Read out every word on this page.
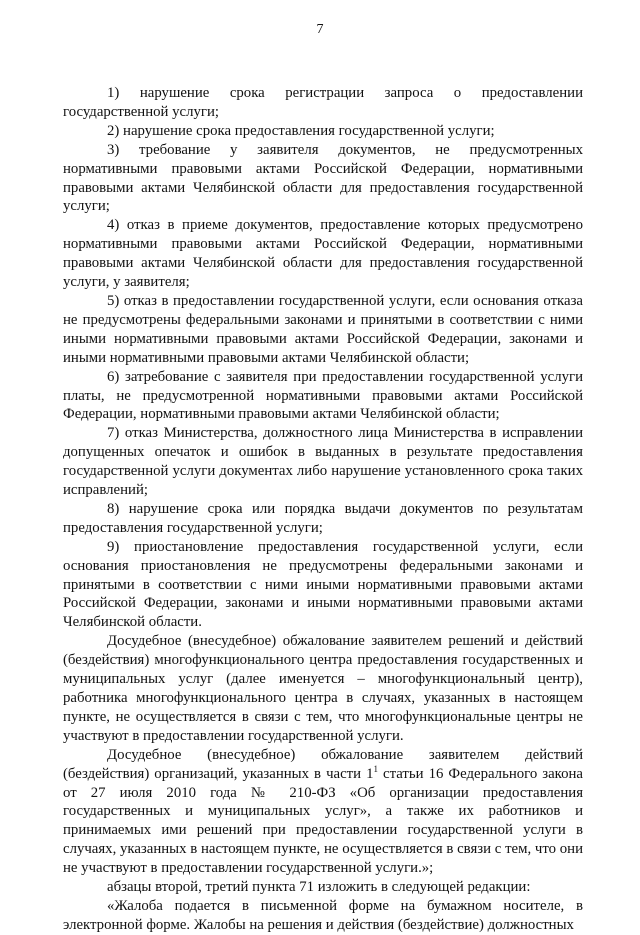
7

1) нарушение срока регистрации запроса о предоставлении государственной услуги;

2) нарушение срока предоставления государственной услуги;

3) требование у заявителя документов, не предусмотренных нормативными правовыми актами Российской Федерации, нормативными правовыми актами Челябинской области для предоставления государственной услуги;

4) отказ в приеме документов, предоставление которых предусмотрено нормативными правовыми актами Российской Федерации, нормативными правовыми актами Челябинской области для предоставления государственной услуги, у заявителя;

5) отказ в предоставлении государственной услуги, если основания отказа не предусмотрены федеральными законами и принятыми в соответствии с ними иными нормативными правовыми актами Российской Федерации, законами и иными нормативными правовыми актами Челябинской области;

6) затребование с заявителя при предоставлении государственной услуги платы, не предусмотренной нормативными правовыми актами Российской Федерации, нормативными правовыми актами Челябинской области;

7) отказ Министерства, должностного лица Министерства в исправлении допущенных опечаток и ошибок в выданных в результате предоставления государственной услуги документах либо нарушение установленного срока таких исправлений;

8) нарушение срока или порядка выдачи документов по результатам предоставления государственной услуги;

9) приостановление предоставления государственной услуги, если основания приостановления не предусмотрены федеральными законами и принятыми в соответствии с ними иными нормативными правовыми актами Российской Федерации, законами и иными нормативными правовыми актами Челябинской области.

Досудебное (внесудебное) обжалование заявителем решений и действий (бездействия) многофункционального центра предоставления государственных и муниципальных услуг (далее именуется – многофункциональный центр), работника многофункционального центра в случаях, указанных в настоящем пункте, не осуществляется в связи с тем, что многофункциональные центры не участвуют в предоставлении государственной услуги.

Досудебное (внесудебное) обжалование заявителем действий (бездействия) организаций, указанных в части $1^1$ статьи 16 Федерального закона от 27 июля 2010 года № 210-ФЗ «Об организации предоставления государственных и муниципальных услуг», а также их работников и принимаемых ими решений при предоставлении государственной услуги в случаях, указанных в настоящем пункте, не осуществляется в связи с тем, что они не участвуют в предоставлении государственной услуги.»;

абзацы второй, третий пункта 71 изложить в следующей редакции:

«Жалоба подается в письменной форме на бумажном носителе, в электронной форме. Жалобы на решения и действия (бездействие) должностных
